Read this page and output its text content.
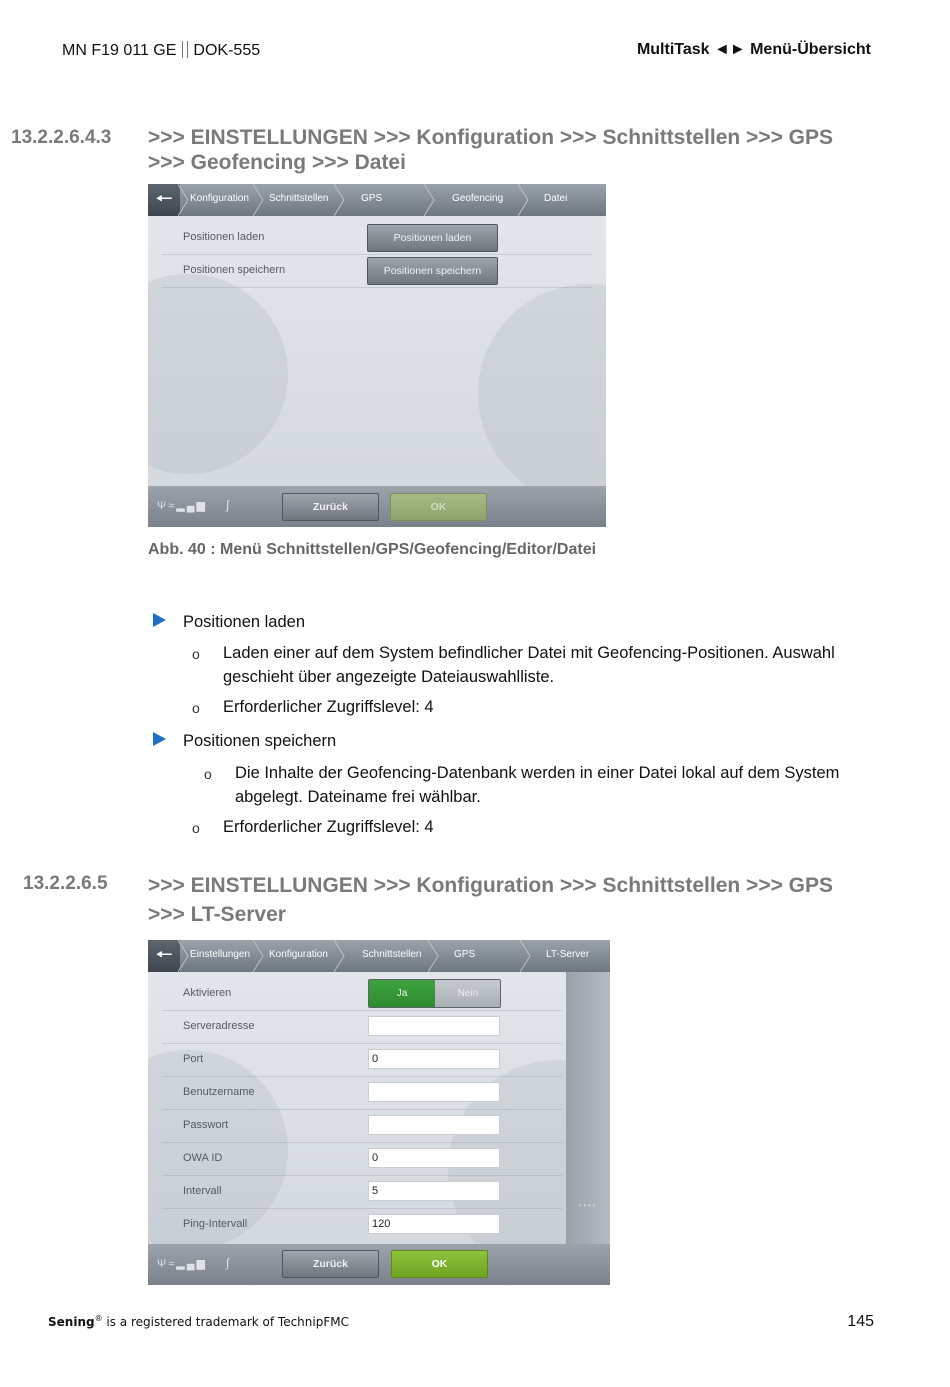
MN F19 011 GE DOK-555	MultiTask ◄► Menü-Übersicht
13.2.2.6.4.3 >>> EINSTELLUNGEN >>> Konfiguration >>> Schnittstellen >>> GPS
>>> Geofencing >>> Datei
🠔	Konfiguration Schnittstellen	GPS	Geofencing	Datei
Positionen laden	Positionen laden
Positionen speichern	Positionen speichern
Ψ≈▂▄▆ ∫	Zurück	OK
Abb. 40 : Menü Schnittstellen/GPS/Geofencing/Editor/Datei
Positionen laden
o Laden einer auf dem System befindlicher Datei mit Geofencing-Positionen. Auswahl geschieht über angezeigte Dateiauswahlliste.
o Erforderlicher Zugriffslevel: 4
Positionen speichern
o Die Inhalte der Geofencing-Datenbank werden in einer Datei lokal auf dem System abgelegt. Dateiname frei wählbar.
o Erforderlicher Zugriffslevel: 4
13.2.2.6.5 >>> EINSTELLUNGEN >>> Konfiguration >>> Schnittstellen >>> GPS
>>> LT-Server
🠔	Einstellungen Konfiguration	Schnittstellen	GPS	LT-Server
․․․․
Aktivieren	Ja	Nein
Serveradresse
Port	0
Benutzername
Passwort
OWA ID	0
Intervall	5
Ping-Intervall	120
Ψ≈▂▄▆ ∫	Zurück	OK
Sening® is a registered trademark of TechnipFMC	145
